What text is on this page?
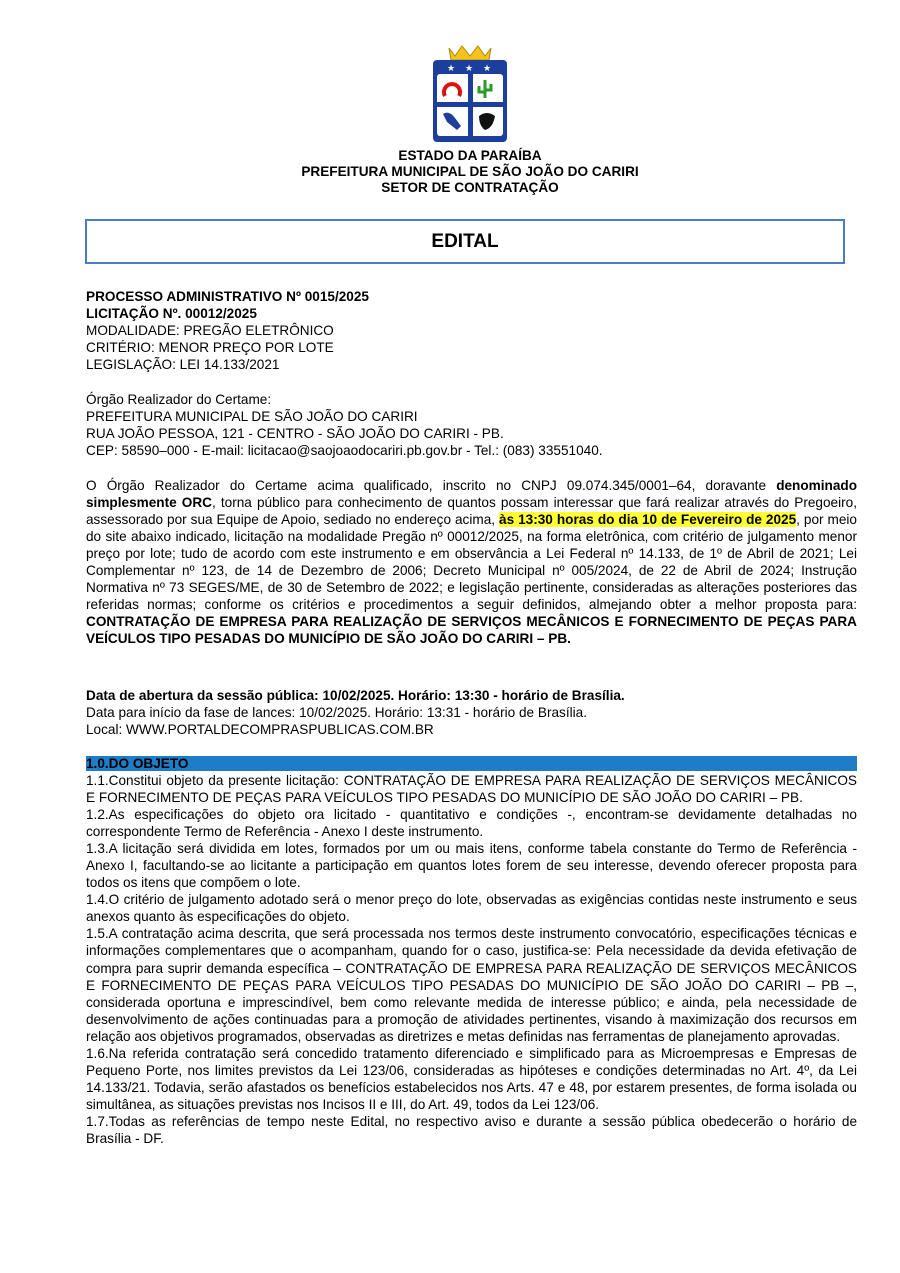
★ ★ ★
ESTADO DA PARAÍBA
PREFEITURA MUNICIPAL DE SÃO JOÃO DO CARIRI
SETOR DE CONTRATAÇÃO
EDITAL
PROCESSO ADMINISTRATIVO Nº 0015/2025
LICITAÇÃO Nº. 00012/2025
MODALIDADE: PREGÃO ELETRÔNICO
CRITÉRIO: MENOR PREÇO POR LOTE
LEGISLAÇÃO: LEI 14.133/2021
Órgão Realizador do Certame:
PREFEITURA MUNICIPAL DE SÃO JOÃO DO CARIRI
RUA JOÃO PESSOA, 121 - CENTRO - SÃO JOÃO DO CARIRI - PB.
CEP: 58590–000 - E-mail: licitacao@saojoaodocariri.pb.gov.br - Tel.: (083) 33551040.
O Órgão Realizador do Certame acima qualificado, inscrito no CNPJ 09.074.345/0001–64, doravante denominado simplesmente ORC, torna público para conhecimento de quantos possam interessar que fará realizar através do Pregoeiro, assessorado por sua Equipe de Apoio, sediado no endereço acima, às 13:30 horas do dia 10 de Fevereiro de 2025, por meio do site abaixo indicado, licitação na modalidade Pregão nº 00012/2025, na forma eletrônica, com critério de julgamento menor preço por lote; tudo de acordo com este instrumento e em observância a Lei Federal nº 14.133, de 1º de Abril de 2021; Lei Complementar nº 123, de 14 de Dezembro de 2006; Decreto Municipal nº 005/2024, de 22 de Abril de 2024; Instrução Normativa nº 73 SEGES/ME, de 30 de Setembro de 2022; e legislação pertinente, consideradas as alterações posteriores das referidas normas; conforme os critérios e procedimentos a seguir definidos, almejando obter a melhor proposta para: CONTRATAÇÃO DE EMPRESA PARA REALIZAÇÃO DE SERVIÇOS MECÂNICOS E FORNECIMENTO DE PEÇAS PARA VEÍCULOS TIPO PESADAS DO MUNICÍPIO DE SÃO JOÃO DO CARIRI – PB.
Data de abertura da sessão pública: 10/02/2025. Horário: 13:30 - horário de Brasília.
Data para início da fase de lances: 10/02/2025. Horário: 13:31 - horário de Brasília.
Local: WWW.PORTALDECOMPRASPUBLICAS.COM.BR
1.0.DO OBJETO

1.1.Constitui objeto da presente licitação: CONTRATAÇÃO DE EMPRESA PARA REALIZAÇÃO DE SERVIÇOS MECÂNICOS E FORNECIMENTO DE PEÇAS PARA VEÍCULOS TIPO PESADAS DO MUNICÍPIO DE SÃO JOÃO DO CARIRI – PB.

1.2.As especificações do objeto ora licitado - quantitativo e condições -, encontram-se devidamente detalhadas no correspondente Termo de Referência - Anexo I deste instrumento.

1.3.A licitação será dividida em lotes, formados por um ou mais itens, conforme tabela constante do Termo de Referência - Anexo I, facultando-se ao licitante a participação em quantos lotes forem de seu interesse, devendo oferecer proposta para todos os itens que compõem o lote.

1.4.O critério de julgamento adotado será o menor preço do lote, observadas as exigências contidas neste instrumento e seus anexos quanto às especificações do objeto.

1.5.A contratação acima descrita, que será processada nos termos deste instrumento convocatório, especificações técnicas e informações complementares que o acompanham, quando for o caso, justifica-se: Pela necessidade da devida efetivação de compra para suprir demanda específica – CONTRATAÇÃO DE EMPRESA PARA REALIZAÇÃO DE SERVIÇOS MECÂNICOS E FORNECIMENTO DE PEÇAS PARA VEÍCULOS TIPO PESADAS DO MUNICÍPIO DE SÃO JOÃO DO CARIRI – PB –, considerada oportuna e imprescindível, bem como relevante medida de interesse público; e ainda, pela necessidade de desenvolvimento de ações continuadas para a promoção de atividades pertinentes, visando à maximização dos recursos em relação aos objetivos programados, observadas as diretrizes e metas definidas nas ferramentas de planejamento aprovadas.

1.6.Na referida contratação será concedido tratamento diferenciado e simplificado para as Microempresas e Empresas de Pequeno Porte, nos limites previstos da Lei 123/06, consideradas as hipóteses e condições determinadas no Art. 4º, da Lei 14.133/21. Todavia, serão afastados os benefícios estabelecidos nos Arts. 47 e 48, por estarem presentes, de forma isolada ou simultânea, as situações previstas nos Incisos II e III, do Art. 49, todos da Lei 123/06.

1.7.Todas as referências de tempo neste Edital, no respectivo aviso e durante a sessão pública obedecerão o horário de Brasília - DF.
